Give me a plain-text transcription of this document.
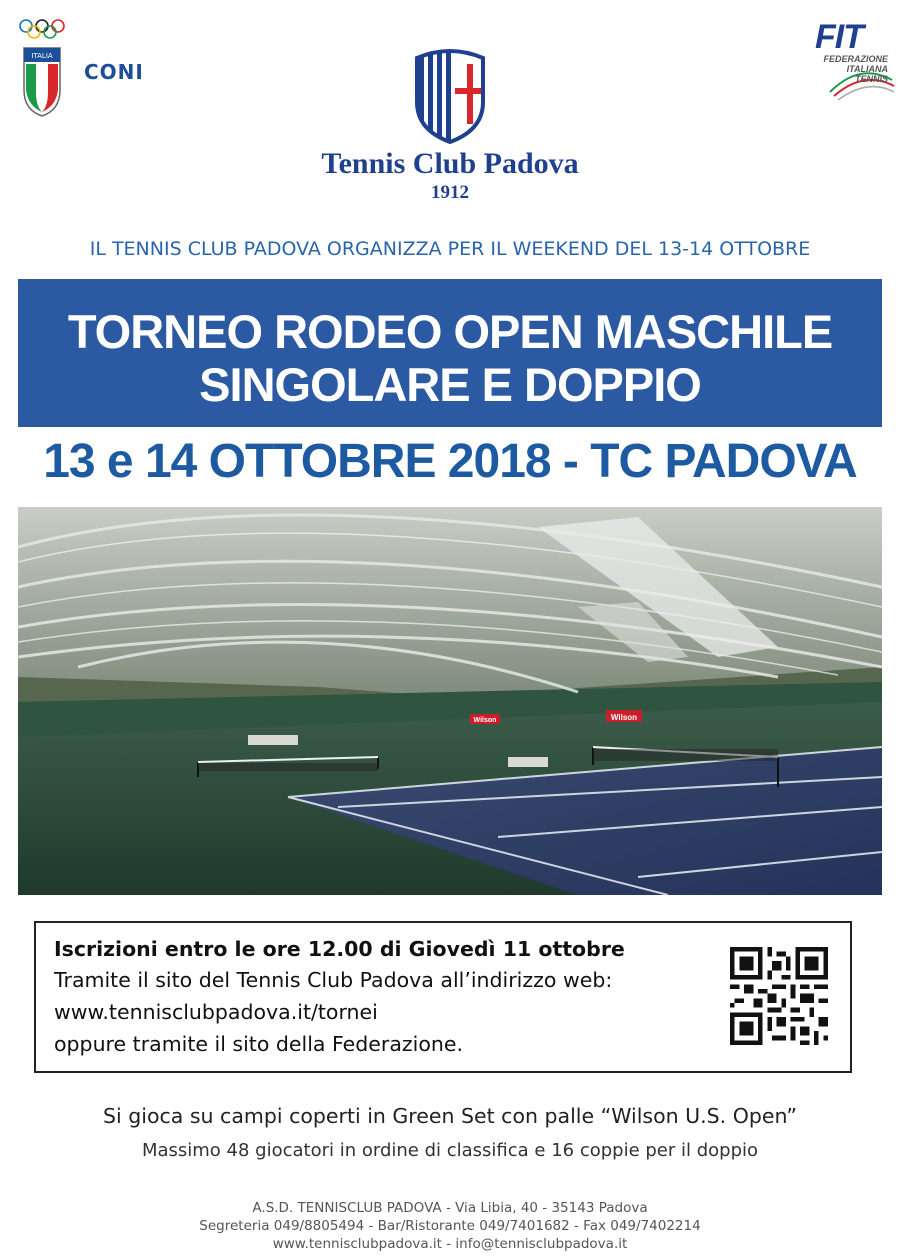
ITALIA
CONI
Tennis Club Padova
1912
FIT
FEDERAZIONE
ITALIANA
TENNIS
IL TENNIS CLUB PADOVA ORGANIZZA PER IL WEEKEND DEL 13-14 OTTOBRE
TORNEO RODEO OPEN MASCHILE
SINGOLARE E DOPPIO
13 e 14 OTTOBRE 2018 - TC PADOVA
Wilson	Wilson
Iscrizioni entro le ore 12.00 di Giovedì 11 ottobre
Tramite il sito del Tennis Club Padova all’indirizzo web:
www.tennisclubpadova.it/tornei
oppure tramite il sito della Federazione.
Si gioca su campi coperti in Green Set con palle “Wilson U.S. Open”
Massimo 48 giocatori in ordine di classifica e 16 coppie per il doppio
A.S.D. TENNISCLUB PADOVA - Via Libia, 40 - 35143 Padova
Segreteria 049/8805494 - Bar/Ristorante 049/7401682 - Fax 049/7402214
www.tennisclubpadova.it - info@tennisclubpadova.it
